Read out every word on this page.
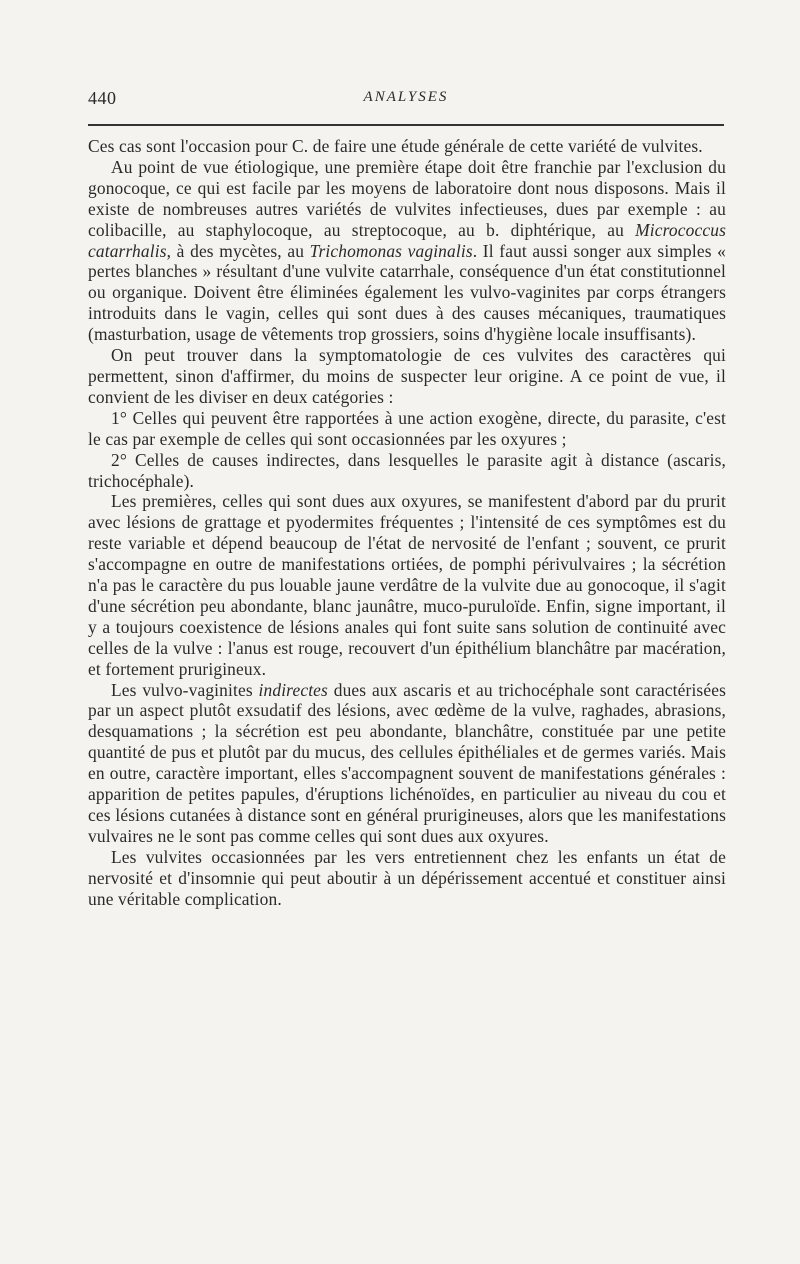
440	ANALYSES

Ces cas sont l'occasion pour C. de faire une étude générale de cette variété de vulvites.

Au point de vue étiologique, une première étape doit être franchie par l'exclusion du gonocoque, ce qui est facile par les moyens de laboratoire dont nous disposons. Mais il existe de nombreuses autres variétés de vulvites infectieuses, dues par exemple : au colibacille, au staphylocoque, au streptocoque, au b. diphtérique, au Micrococcus catarrhalis, à des mycètes, au Trichomonas vaginalis. Il faut aussi songer aux simples « pertes blanches » résultant d'une vulvite catarrhale, conséquence d'un état constitutionnel ou organique. Doivent être éliminées également les vulvo-vaginites par corps étrangers introduits dans le vagin, celles qui sont dues à des causes mécaniques, traumatiques (masturbation, usage de vêtements trop grossiers, soins d'hygiène locale insuffisants).

On peut trouver dans la symptomatologie de ces vulvites des caractères qui permettent, sinon d'affirmer, du moins de suspecter leur origine. A ce point de vue, il convient de les diviser en deux catégories :

1° Celles qui peuvent être rapportées à une action exogène, directe, du parasite, c'est le cas par exemple de celles qui sont occasionnées par les oxyures ;

2° Celles de causes indirectes, dans lesquelles le parasite agit à distance (ascaris, trichocéphale).

Les premières, celles qui sont dues aux oxyures, se manifestent d'abord par du prurit avec lésions de grattage et pyodermites fréquentes ; l'intensité de ces symptômes est du reste variable et dépend beaucoup de l'état de nervosité de l'enfant ; souvent, ce prurit s'accompagne en outre de manifestations ortiées, de pomphi périvulvaires ; la sécrétion n'a pas le caractère du pus louable jaune verdâtre de la vulvite due au gonocoque, il s'agit d'une sécrétion peu abondante, blanc jaunâtre, muco-puruloïde. Enfin, signe important, il y a toujours coexistence de lésions anales qui font suite sans solution de continuité avec celles de la vulve : l'anus est rouge, recouvert d'un épithélium blanchâtre par macération, et fortement prurigineux.

Les vulvo-vaginites indirectes dues aux ascaris et au trichocéphale sont caractérisées par un aspect plutôt exsudatif des lésions, avec œdème de la vulve, raghades, abrasions, desquamations ; la sécrétion est peu abondante, blanchâtre, constituée par une petite quantité de pus et plutôt par du mucus, des cellules épithéliales et de germes variés. Mais en outre, caractère important, elles s'accompagnent souvent de manifestations générales : apparition de petites papules, d'éruptions lichénoïdes, en particulier au niveau du cou et ces lésions cutanées à distance sont en général prurigineuses, alors que les manifestations vulvaires ne le sont pas comme celles qui sont dues aux oxyures.

Les vulvites occasionnées par les vers entretiennent chez les enfants un état de nervosité et d'insomnie qui peut aboutir à un dépérissement accentué et constituer ainsi une véritable complication.
